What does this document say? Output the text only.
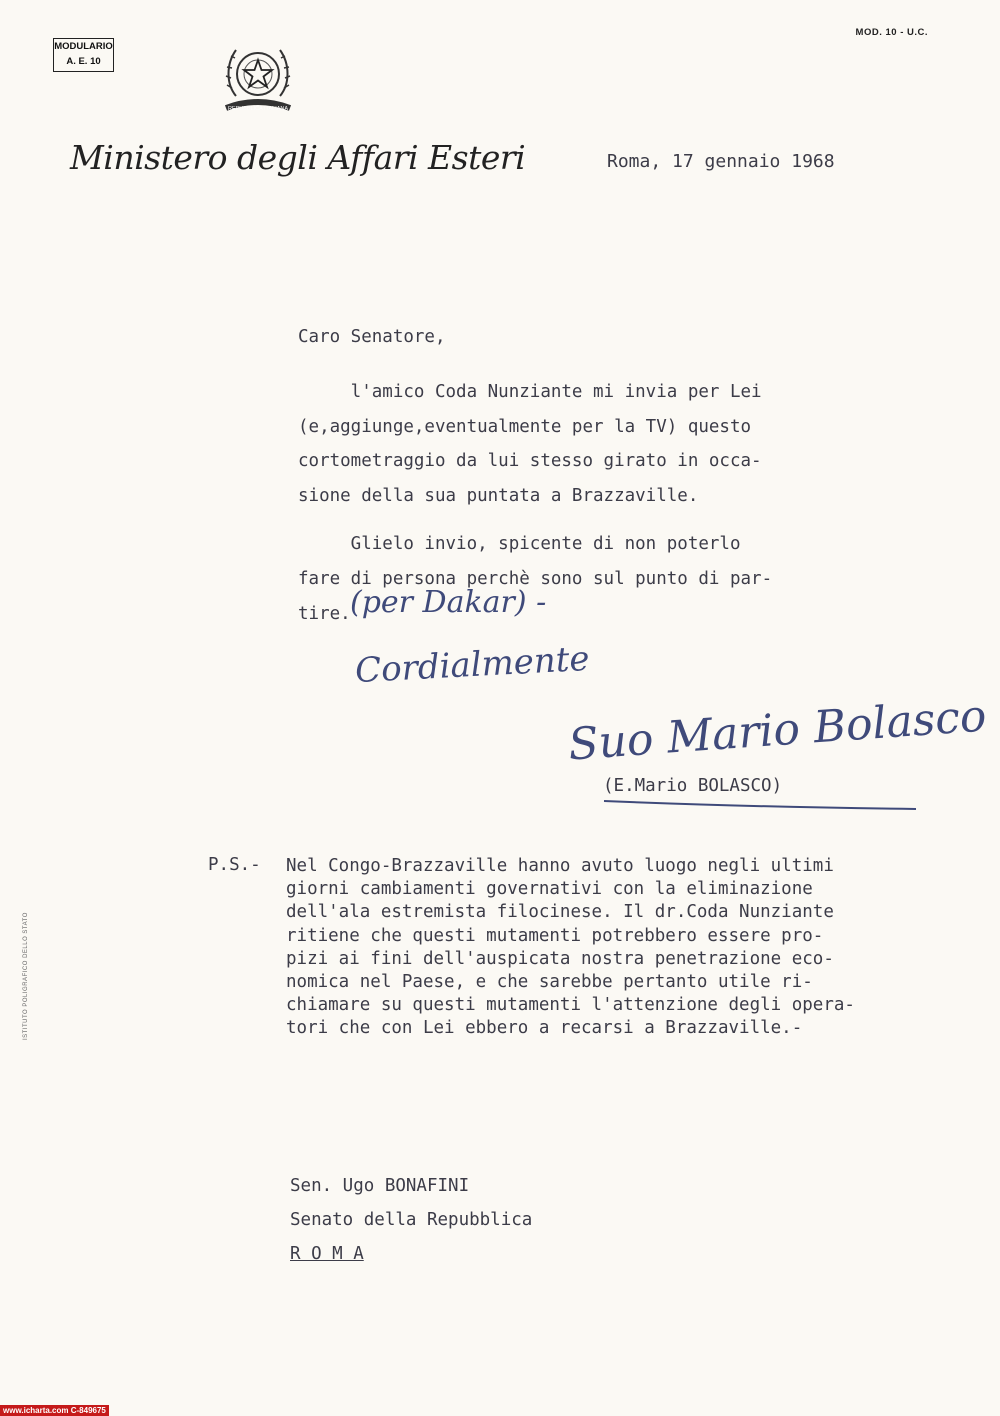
MODULARIO
A. E. 10
MOD. 10 - U.C.
REPUBBLICA ITALIANA
Ministero degli Affari Esteri	Roma, 17 gennaio 1968
Caro Senatore,
l'amico Coda Nunziante mi invia per Lei
(e,aggiunge,eventualmente per la TV) questo
cortometraggio da lui stesso girato in occa-
sione della sua puntata a Brazzaville.
Glielo invio, spicente di non poterlo
fare di persona perchè sono sul punto di par-
tire. (per Dakar) -
Cordialmente
Suo Mario Bolasco
(E.Mario BOLASCO)
P.S.- Nel Congo-Brazzaville hanno avuto luogo negli ultimi
giorni cambiamenti governativi con la eliminazione
dell'ala estremista filocinese. Il dr.Coda Nunziante
ritiene che questi mutamenti potrebbero essere pro-
pizi ai fini dell'auspicata nostra penetrazione eco-
nomica nel Paese, e che sarebbe pertanto utile ri-
chiamare su questi mutamenti l'attenzione degli opera-
tori che con Lei ebbero a recarsi a Brazzaville.-
Sen. Ugo BONAFINI
Senato della Repubblica
R O M A
ISTITUTO POLIGRAFICO DELLO STATO
www.icharta.com C-849675
